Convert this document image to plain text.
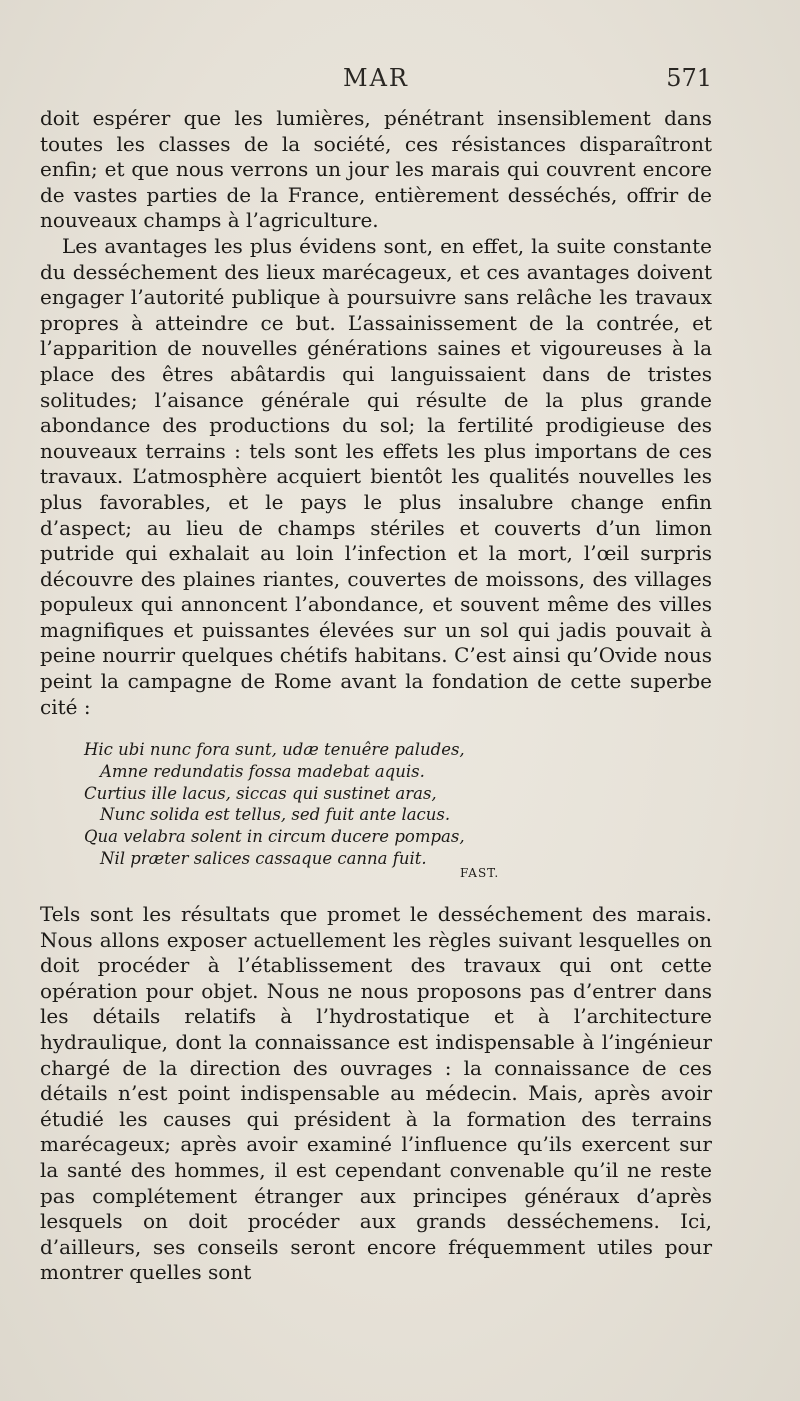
MAR	571

doit espérer que les lumières, pénétrant insensiblement dans toutes les classes de la société, ces résistances disparaîtront enfin; et que nous verrons un jour les marais qui couvrent encore de vastes parties de la France, entièrement desséchés, offrir de nouveaux champs à l’agriculture.

Les avantages les plus évidens sont, en effet, la suite constante du desséchement des lieux marécageux, et ces avantages doivent engager l’autorité publique à poursuivre sans relâche les travaux propres à atteindre ce but. L’assainissement de la contrée, et l’apparition de nouvelles générations saines et vigoureuses à la place des êtres abâtardis qui languissaient dans de tristes solitudes; l’aisance générale qui résulte de la plus grande abondance des productions du sol; la fertilité prodigieuse des nouveaux terrains : tels sont les effets les plus importans de ces travaux. L’atmosphère acquiert bientôt les qualités nouvelles les plus favorables, et le pays le plus insalubre change enfin d’aspect; au lieu de champs stériles et couverts d’un limon putride qui exhalait au loin l’infection et la mort, l’œil surpris découvre des plaines riantes, couvertes de moissons, des villages populeux qui annoncent l’abondance, et souvent même des villes magnifiques et puissantes élevées sur un sol qui jadis pouvait à peine nourrir quelques chétifs habitans. C’est ainsi qu’Ovide nous peint la campagne de Rome avant la fondation de cette superbe cité :

Hic ubi nunc fora sunt, udæ tenuêre paludes,
Amne redundatis fossa madebat aquis.
Curtius ille lacus, siccas qui sustinet aras,
Nunc solida est tellus, sed fuit ante lacus.
Qua velabra solent in circum ducere pompas,
Nil præter salices cassaque canna fuit.
FAST.

Tels sont les résultats que promet le desséchement des marais. Nous allons exposer actuellement les règles suivant lesquelles on doit procéder à l’établissement des travaux qui ont cette opération pour objet. Nous ne nous proposons pas d’entrer dans les détails relatifs à l’hydrostatique et à l’architecture hydraulique, dont la connaissance est indispensable à l’ingénieur chargé de la direction des ouvrages : la connaissance de ces détails n’est point indispensable au médecin. Mais, après avoir étudié les causes qui président à la formation des terrains marécageux; après avoir examiné l’influence qu’ils exercent sur la santé des hommes, il est cependant convenable qu’il ne reste pas complétement étranger aux principes généraux d’après lesquels on doit procéder aux grands desséchemens. Ici, d’ailleurs, ses conseils seront encore fréquemment utiles pour montrer quelles sont
